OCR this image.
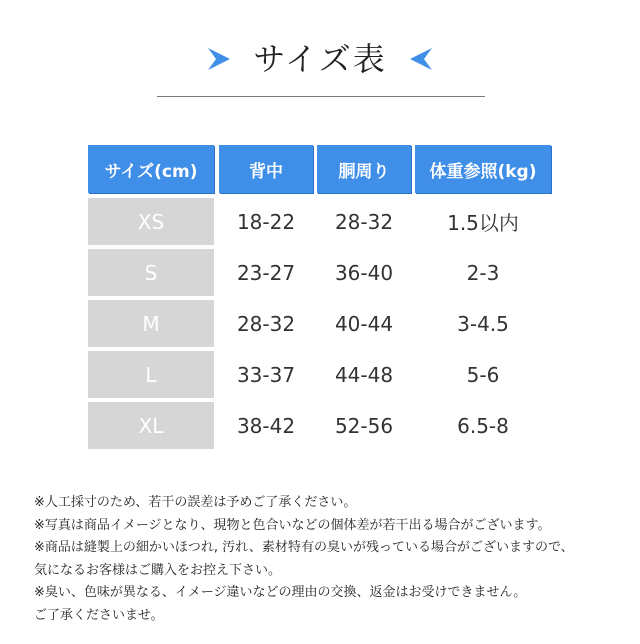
サイズ表
サイズ(cm)	背中	胴周り	体重参照(kg)
XS	18-22	28-32	1.5以内
S	23-27	36-40	2-3
M	28-32	40-44	3-4.5
L	33-37	44-48	5-6
XL	38-42	52-56	6.5-8
※人工採寸のため、若干の誤差は予めご了承ください。
※写真は商品イメージとなり、現物と色合いなどの個体差が若干出る場合がございます。
※商品は縫製上の細かいほつれ, 汚れ、素材特有の臭いが残っている場合がございますので、
気になるお客様はご購入をお控え下さい。
※臭い、色味が異なる、イメージ違いなどの理由の交換、返金はお受けできません。
ご了承くださいませ。
